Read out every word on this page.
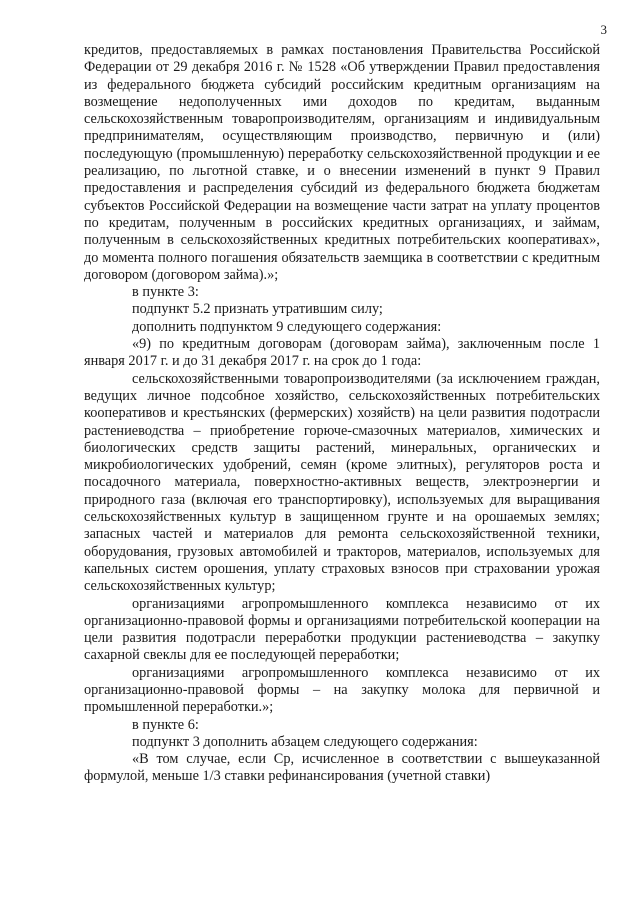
3

кредитов, предоставляемых в рамках постановления Правительства Российской Федерации от 29 декабря 2016 г. № 1528 «Об утверждении Правил предоставления из федерального бюджета субсидий российским кредитным организациям на возмещение недополученных ими доходов по кредитам, выданным сельскохозяйственным товаропроизводителям, организациям и индивидуальным предпринимателям, осуществляющим производство, первичную и (или) последующую (промышленную) переработку сельскохозяйственной продукции и ее реализацию, по льготной ставке, и о внесении изменений в пункт 9 Правил предоставления и распределения субсидий из федерального бюджета бюджетам субъектов Российской Федерации на возмещение части затрат на уплату процентов по кредитам, полученным в российских кредитных организациях, и займам, полученным в сельскохозяйственных кредитных потребительских кооперативах», до момента полного погашения обязательств заемщика в соответствии с кредитным договором (договором займа).»;

в пункте 3:

подпункт 5.2 признать утратившим силу;

дополнить подпунктом 9 следующего содержания:

«9) по кредитным договорам (договорам займа), заключенным после 1 января 2017 г. и до 31 декабря 2017 г. на срок до 1 года:

сельскохозяйственными товаропроизводителями (за исключением граждан, ведущих личное подсобное хозяйство, сельскохозяйственных потребительских кооперативов и крестьянских (фермерских) хозяйств) на цели развития подотрасли растениеводства – приобретение горюче-смазочных материалов, химических и биологических средств защиты растений, минеральных, органических и микробиологических удобрений, семян (кроме элитных), регуляторов роста и посадочного материала, поверхностно-активных веществ, электроэнергии и природного газа (включая его транспортировку), используемых для выращивания сельскохозяйственных культур в защищенном грунте и на орошаемых землях; запасных частей и материалов для ремонта сельскохозяйственной техники, оборудования, грузовых автомобилей и тракторов, материалов, используемых для капельных систем орошения, уплату страховых взносов при страховании урожая сельскохозяйственных культур;

организациями агропромышленного комплекса независимо от их организационно-правовой формы и организациями потребительской кооперации на цели развития подотрасли переработки продукции растениеводства – закупку сахарной свеклы для ее последующей переработки;

организациями агропромышленного комплекса независимо от их организационно-правовой формы – на закупку молока для первичной и промышленной переработки.»;

в пункте 6:

подпункт 3 дополнить абзацем следующего содержания:

«В том случае, если Ср, исчисленное в соответствии с вышеуказанной формулой, меньше 1/3 ставки рефинансирования (учетной ставки)
